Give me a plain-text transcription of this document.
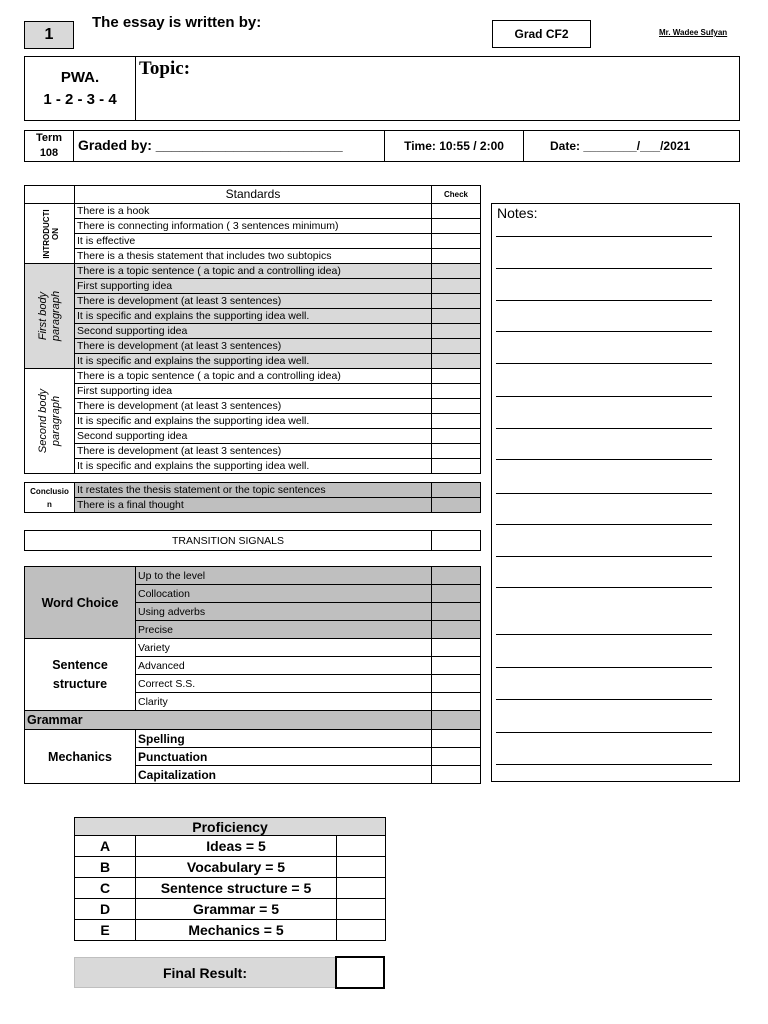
1
The essay is written by:
Grad CF2	Mr. Wadee Sufyan
PWA.
1 - 2 - 3 - 4
Topic:
Term
108	Graded by: ________________________	Time: 10:55 / 2:00	Date: ________/___/2021
	Standards	Check

INTRODUCTI ON	There is a hook	
	There is connecting information ( 3 sentences minimum)	
	It is effective	
	There is a thesis statement that includes two subtopics	

First body paragraph	There is a topic sentence ( a topic and a controlling idea)	
	First supporting idea	
	There is development (at least 3 sentences)	
	It is specific and explains the supporting idea well.	
	Second supporting idea	
	There is development (at least 3 sentences)	
	It is specific and explains the supporting idea well.	

Second body paragraph	There is a topic sentence ( a topic and a controlling idea)	
	First supporting idea	
	There is development (at least 3 sentences)	
	It is specific and explains the supporting idea well.	
	Second supporting idea	
	There is development (at least 3 sentences)	
	It is specific and explains the supporting idea well.	
Conclusio n	It restates the thesis statement or the topic sentences	
	There is a final thought	
TRANSITION SIGNALS	
Word Choice	Up to the level	
	Collocation	
	Using adverbs	
	Precise	
Sentence structure	Variety	
	Advanced	
	Correct S.S.	
	Clarity	
Grammar		
Mechanics	Spelling	
	Punctuation	
	Capitalization	
Notes:
Proficiency		
A	Ideas = 5	
B	Vocabulary = 5	
C	Sentence structure = 5	
D	Grammar = 5	
E	Mechanics = 5	
Final Result:
